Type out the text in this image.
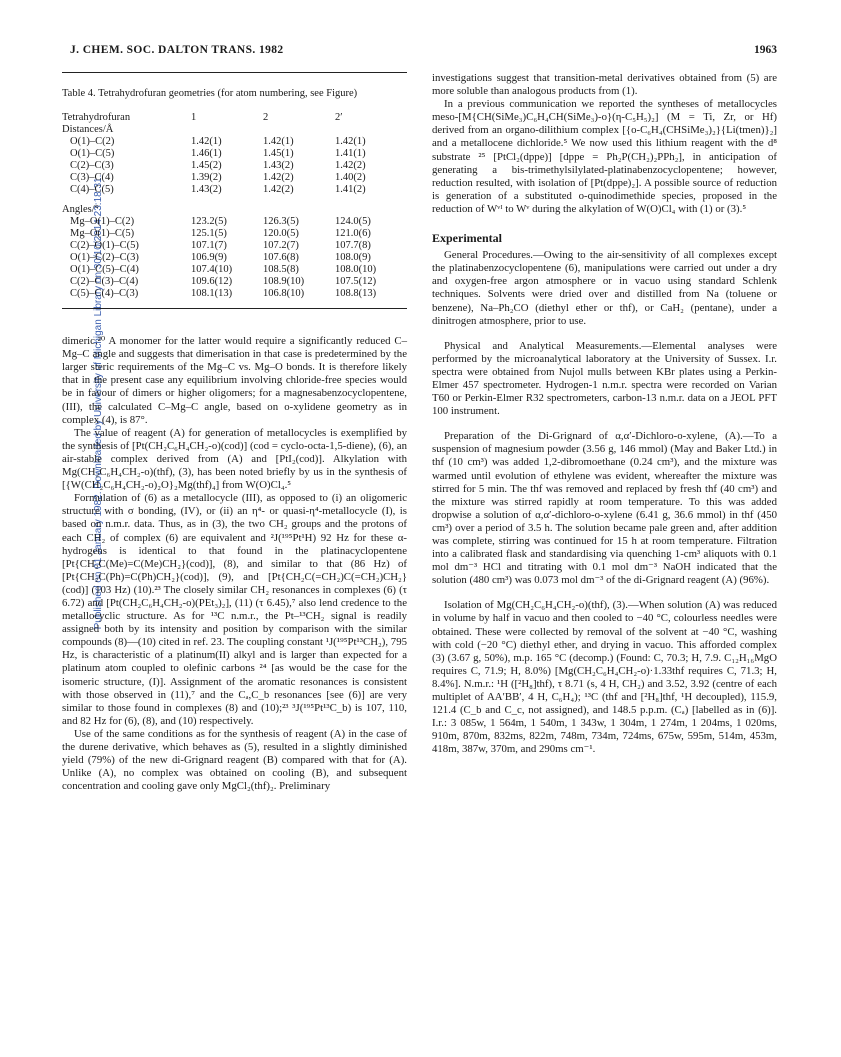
J. CHEM. SOC. DALTON TRANS. 1982	1963
Published on 01 January 1982. Downloaded by University of Michigan Library on 30/10/2014 23:18:31.
Table 4. Tetrahydrofuran geometries (for atom numbering, see Figure)
Tetrahydrofuran	1	2	2′
Distances/Å			
O(1)–C(2)	1.42(1)	1.42(1)	1.42(1)
O(1)–C(5)	1.46(1)	1.45(1)	1.41(1)
C(2)–C(3)	1.45(2)	1.43(2)	1.42(2)
C(3)–C(4)	1.39(2)	1.42(2)	1.40(2)
C(4)–C(5)	1.43(2)	1.42(2)	1.41(2)

Angles/°			
Mg–O(1)–C(2)	123.2(5)	126.3(5)	124.0(5)
Mg–O(1)–C(5)	125.1(5)	120.0(5)	121.0(6)
C(2)–O(1)–C(5)	107.1(7)	107.2(7)	107.7(8)
O(1)–C(2)–C(3)	106.9(9)	107.6(8)	108.0(9)
O(1)–C(5)–C(4)	107.4(10)	108.5(8)	108.0(10)
C(2)–C(3)–C(4)	109.6(12)	108.9(10)	107.5(12)
C(5)–C(4)–C(3)	108.1(13)	106.8(10)	108.8(13)

dimeric.²⁰ A monomer for the latter would require a significantly reduced C–Mg–C angle and suggests that dimerisation in that case is predetermined by the larger steric requirements of the Mg–C vs. Mg–O bonds. It is therefore likely that in the present case any equilibrium involving chloride-free species would be in favour of dimers or higher oligomers; for a magnesabenzocyclopentene, (III), the calculated C–Mg–C angle, based on o-xylidene geometry as in complex (4), is 87°.

The value of reagent (A) for generation of metallocycles is exemplified by the synthesis of [Pt(CH₂C₆H₄CH₂-o)(cod)] (cod = cyclo-octa-1,5-diene), (6), an air-stable complex derived from (A) and [PtI₂(cod)]. Alkylation with Mg(CH₂C₆H₄CH₂-o)(thf), (3), has been noted briefly by us in the synthesis of [{W(CH₂C₆H₄CH₂-o)₂O}₂Mg(thf)₄] from W(O)Cl₄.⁵

Formulation of (6) as a metallocycle (III), as opposed to (i) an oligomeric structure with σ bonding, (IV), or (ii) an η⁴- or quasi-η⁴-metallocycle (I), is based on n.m.r. data. Thus, as in (3), the two CH₂ groups and the protons of each CH₂ of complex (6) are equivalent and ²J(¹⁹⁵Pt¹H) 92 Hz for these α-hydrogens is identical to that found in the platinacyclopentene [Pt{CH₂C(Me)=C(Me)CH₂}(cod)], (8), and similar to that (86 Hz) of [Pt{CH₂C(Ph)=C(Ph)CH₂}(cod)], (9), and [Pt{CH₂C(=CH₂)C(=CH₂)CH₂}(cod)] (103 Hz) (10).²³ The closely similar CH₂ resonances in complexes (6) (τ 6.72) and [Pt(CH₂C₆H₄CH₂-o)(PEt₃)₂], (11) (τ 6.45),⁷ also lend credence to the metallocyclic structure. As for ¹³C n.m.r., the Pt–¹³CH₂ signal is readily assigned both by its intensity and position by comparison with the similar compounds (8)—(10) cited in ref. 23. The coupling constant ¹J(¹⁹⁵Pt¹³CH₂), 795 Hz, is characteristic of a platinum(II) alkyl and is larger than expected for a platinum atom coupled to olefinic carbons ²⁴ [as would be the case for the isomeric structure, (I)]. Assignment of the aromatic resonances is consistent with those observed in (11),⁷ and the Cₐ,C_b resonances [see (6)] are very similar to those found in complexes (8) and (10);²³ ³J(¹⁹⁵Pt¹³C_b) is 107, 110, and 82 Hz for (6), (8), and (10) respectively.

Use of the same conditions as for the synthesis of reagent (A) in the case of the durene derivative, which behaves as (5), resulted in a slightly diminished yield (79%) of the new di-Grignard reagent (B) compared with that for (A). Unlike (A), no complex was obtained on cooling (B), and subsequent concentration and cooling gave only MgCl₂(thf)₂. Preliminary

investigations suggest that transition-metal derivatives obtained from (5) are more soluble than analogous products from (1).

In a previous communication we reported the syntheses of metallocycles meso-[M{CH(SiMe₃)C₆H₄CH(SiMe₃)-o}(η-C₅H₅)₂] (M = Ti, Zr, or Hf) derived from an organo-dilithium complex [{o-C₆H₄(CHSiMe₃)₂}{Li(tmen)}₂] and a metallocene dichloride.⁵ We now used this lithium reagent with the d⁸ substrate ²⁵ [PtCl₂(dppe)] [dppe = Ph₂P(CH₂)₂PPh₂], in anticipation of generating a bis-trimethylsilylated-platinabenzocyclopentene; however, reduction resulted, with isolation of [Pt(dppe)₂]. A possible source of reduction is generation of a substituted o-quinodimethide species, proposed in the reduction of Wᵛᴵ to Wᵛ during the alkylation of W(O)Cl₄ with (1) or (3).⁵

Experimental

General Procedures.—Owing to the air-sensitivity of all complexes except the platinabenzocyclopentene (6), manipulations were carried out under a dry and oxygen-free argon atmosphere or in vacuo using standard Schlenk techniques. Solvents were dried over and distilled from Na (toluene or benzene), Na–Ph₂CO (diethyl ether or thf), or CaH₂ (pentane), under a dinitrogen atmosphere, prior to use.

Physical and Analytical Measurements.—Elemental analyses were performed by the microanalytical laboratory at the University of Sussex. I.r. spectra were obtained from Nujol mulls between KBr plates using a Perkin-Elmer 457 spectrometer. Hydrogen-1 n.m.r. spectra were recorded on Varian T60 or Perkin-Elmer R32 spectrometers, carbon-13 n.m.r. data on a JEOL PFT 100 instrument.

Preparation of the Di-Grignard of α,α′-Dichloro-o-xylene, (A).—To a suspension of magnesium powder (3.56 g, 146 mmol) (May and Baker Ltd.) in thf (10 cm³) was added 1,2-dibromoethane (0.24 cm³), and the mixture was warmed until evolution of ethylene was evident, whereafter the mixture was stirred for 5 min. The thf was removed and replaced by fresh thf (40 cm³) and the mixture was stirred rapidly at room temperature. To this was added dropwise a solution of α,α′-dichloro-o-xylene (6.41 g, 36.6 mmol) in thf (450 cm³) over a period of 3.5 h. The solution became pale green and, after addition was complete, stirring was continued for 15 h at room temperature. Filtration into a calibrated flask and standardising via quenching 1-cm³ aliquots with 0.1 mol dm⁻³ HCl and titrating with 0.1 mol dm⁻³ NaOH indicated that the solution (480 cm³) was 0.073 mol dm⁻³ of the di-Grignard reagent (A) (96%).

Isolation of Mg(CH₂C₆H₄CH₂-o)(thf), (3).—When solution (A) was reduced in volume by half in vacuo and then cooled to −40 °C, colourless needles were obtained. These were collected by removal of the solvent at −40 °C, washing with cold (−20 °C) diethyl ether, and drying in vacuo. This afforded complex (3) (3.67 g, 50%), m.p. 165 °C (decomp.) (Found: C, 70.3; H, 7.9. C₁₂H₁₆MgO requires C, 71.9; H, 8.0%) [Mg(CH₂C₆H₄CH₂-o)·1.33thf requires C, 71.3; H, 8.4%]. N.m.r.: ¹H ([²H₈]thf), τ 8.71 (s, 4 H, CH₂) and 3.52, 3.92 (centre of each multiplet of AA′BB′, 4 H, C₆H₄); ¹³C (thf and [²H₈]thf, ¹H decoupled), 115.9, 121.4 (C_b and C_c, not assigned), and 148.5 p.p.m. (Cₐ) [labelled as in (6)]. I.r.: 3 085w, 1 564m, 1 540m, 1 343w, 1 304m, 1 274m, 1 204ms, 1 020ms, 910m, 870m, 832ms, 822m, 748m, 734m, 724ms, 675w, 595m, 514m, 453m, 418m, 387w, 370m, and 290ms cm⁻¹.
